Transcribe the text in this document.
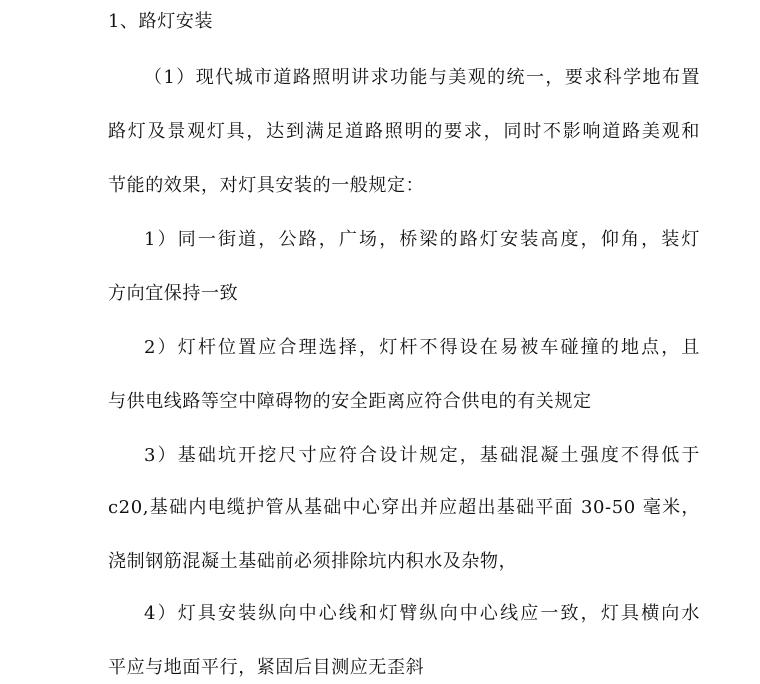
1、路灯安装
（1）现代城市道路照明讲求功能与美观的统一，要求科学地布置
路灯及景观灯具，达到满足道路照明的要求，同时不影响道路美观和
节能的效果，对灯具安装的一般规定：
1）同一街道，公路，广场，桥梁的路灯安装高度，仰角，装灯
方向宜保持一致
2）灯杆位置应合理选择，灯杆不得设在易被车碰撞的地点，且
与供电线路等空中障碍物的安全距离应符合供电的有关规定
3）基础坑开挖尺寸应符合设计规定，基础混凝土强度不得低于
c20,基础内电缆护管从基础中心穿出并应超出基础平面 30-50 毫米，
浇制钢筋混凝土基础前必须排除坑内积水及杂物，
4）灯具安装纵向中心线和灯臂纵向中心线应一致，灯具横向水
平应与地面平行，紧固后目测应无歪斜
